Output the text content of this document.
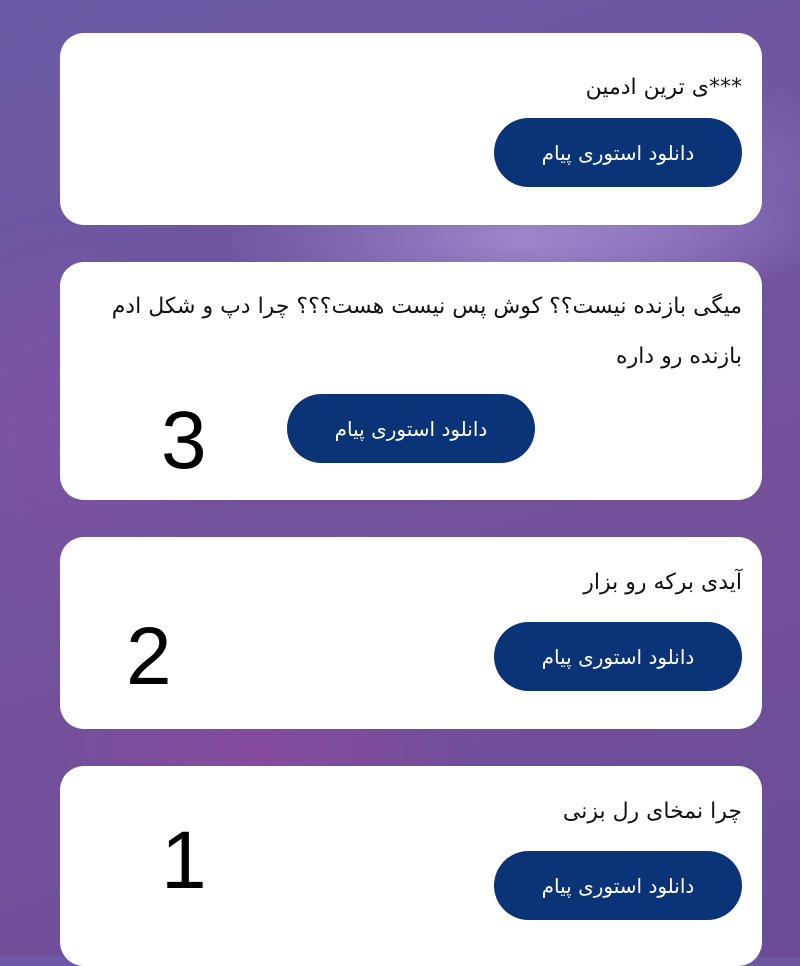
***ی ترین ادمین

دانلود استوری پیام

میگی بازنده نیست؟؟ کوش پس نیست هست؟؟؟ چرا دپ و شکل ادم بازنده رو داره

3	دانلود استوری پیام

آیدی برکه رو بزار

2	دانلود استوری پیام

چرا نمخای رل بزنی

1	دانلود استوری پیام
